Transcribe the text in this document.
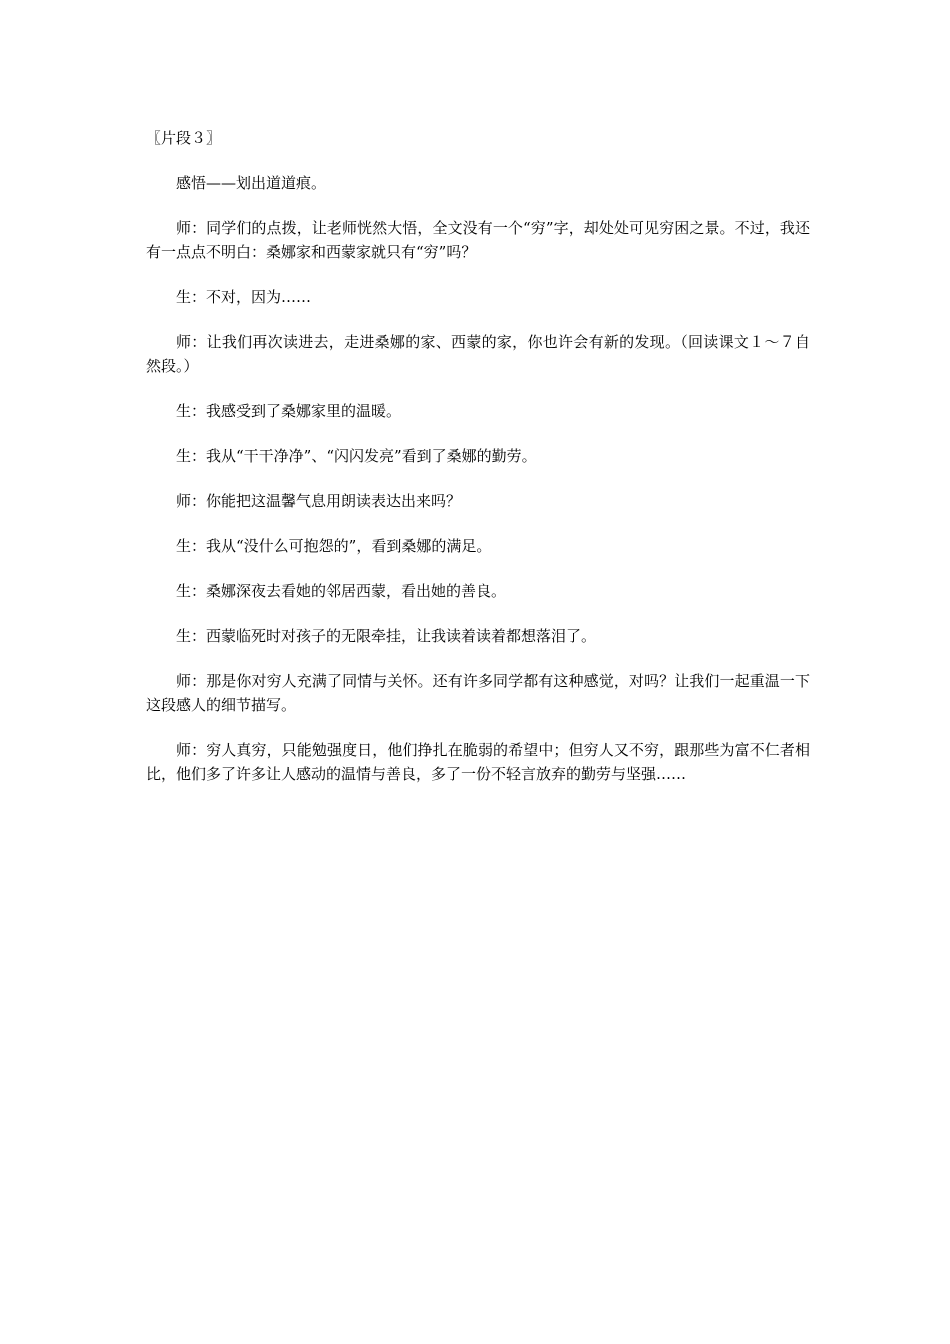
〖片段３〗

感悟——划出道道痕。

师：同学们的点拨，让老师恍然大悟，全文没有一个“穷”字，却处处可见穷困之景。不过，我还有一点点不明白：桑娜家和西蒙家就只有“穷”吗？

生：不对，因为……

师：让我们再次读进去，走进桑娜的家、西蒙的家，你也许会有新的发现。（回读课文１～７自然段。）

生：我感受到了桑娜家里的温暖。

生：我从“干干净净”、“闪闪发亮”看到了桑娜的勤劳。

师：你能把这温馨气息用朗读表达出来吗？

生：我从“没什么可抱怨的”，看到桑娜的满足。

生：桑娜深夜去看她的邻居西蒙，看出她的善良。

生：西蒙临死时对孩子的无限牵挂，让我读着读着都想落泪了。

师：那是你对穷人充满了同情与关怀。还有许多同学都有这种感觉，对吗？让我们一起重温一下这段感人的细节描写。

师：穷人真穷，只能勉强度日，他们挣扎在脆弱的希望中；但穷人又不穷，跟那些为富不仁者相比，他们多了许多让人感动的温情与善良，多了一份不轻言放弃的勤劳与坚强……
